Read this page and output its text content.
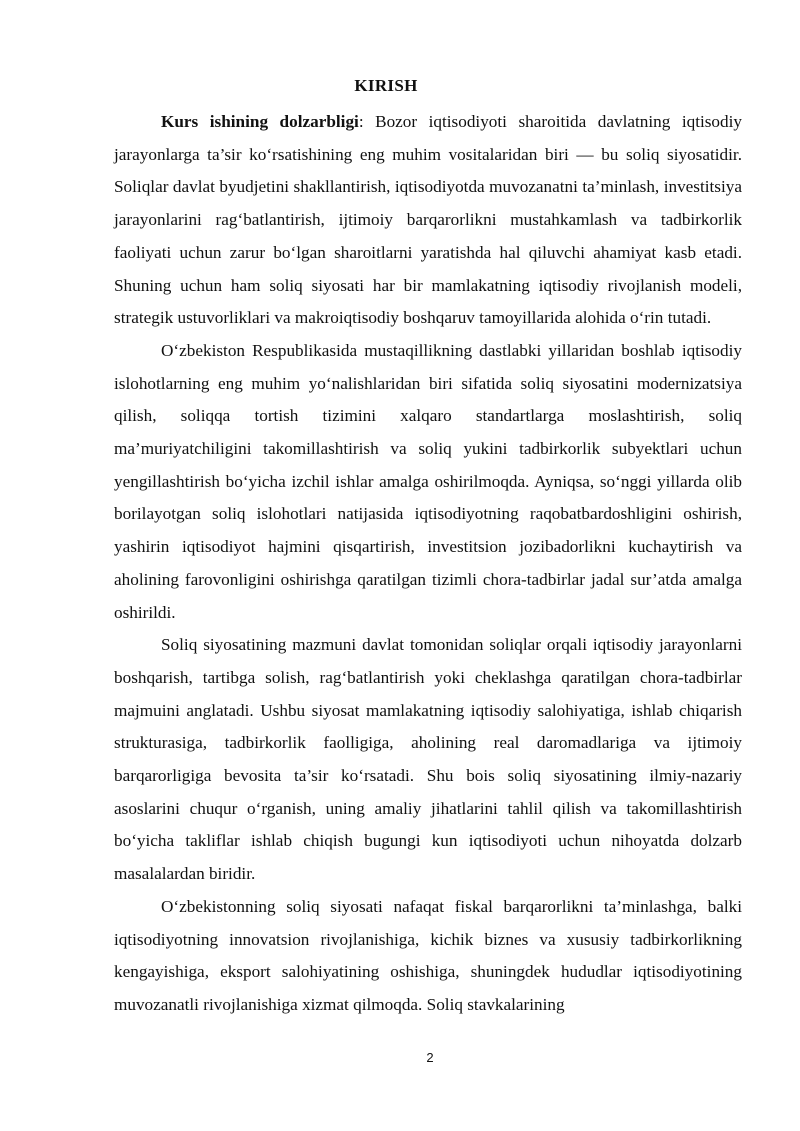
KIRISH

Kurs ishining dolzarbligi: Bozor iqtisodiyoti sharoitida davlatning iqtisodiy jarayonlarga ta’sir ko‘rsatishining eng muhim vositalaridan biri — bu soliq siyosatidir. Soliqlar davlat byudjetini shakllantirish, iqtisodiyotda muvozanatni ta’minlash, investitsiya jarayonlarini rag‘batlantirish, ijtimoiy barqarorlikni mustahkamlash va tadbirkorlik faoliyati uchun zarur bo‘lgan sharoitlarni yaratishda hal qiluvchi ahamiyat kasb etadi. Shuning uchun ham soliq siyosati har bir mamlakatning iqtisodiy rivojlanish modeli, strategik ustuvorliklari va makroiqtisodiy boshqaruv tamoyillarida alohida o‘rin tutadi.

O‘zbekiston Respublikasida mustaqillikning dastlabki yillaridan boshlab iqtisodiy islohotlarning eng muhim yo‘nalishlaridan biri sifatida soliq siyosatini modernizatsiya qilish, soliqqa tortish tizimini xalqaro standartlarga moslashtirish, soliq ma’muriyatchiligini takomillashtirish va soliq yukini tadbirkorlik subyektlari uchun yengillashtirish bo‘yicha izchil ishlar amalga oshirilmoqda. Ayniqsa, so‘nggi yillarda olib borilayotgan soliq islohotlari natijasida iqtisodiyotning raqobatbardoshligini oshirish, yashirin iqtisodiyot hajmini qisqartirish, investitsion jozibadorlikni kuchaytirish va aholining farovonligini oshirishga qaratilgan tizimli chora-tadbirlar jadal sur’atda amalga oshirildi.

Soliq siyosatining mazmuni davlat tomonidan soliqlar orqali iqtisodiy jarayonlarni boshqarish, tartibga solish, rag‘batlantirish yoki cheklashga qaratilgan chora-tadbirlar majmuini anglatadi. Ushbu siyosat mamlakatning iqtisodiy salohiyatiga, ishlab chiqarish strukturasiga, tadbirkorlik faolligiga, aholining real daromadlariga va ijtimoiy barqarorligiga bevosita ta’sir ko‘rsatadi. Shu bois soliq siyosatining ilmiy-nazariy asoslarini chuqur o‘rganish, uning amaliy jihatlarini tahlil qilish va takomillashtirish bo‘yicha takliflar ishlab chiqish bugungi kun iqtisodiyoti uchun nihoyatda dolzarb masalalardan biridir.

O‘zbekistonning soliq siyosati nafaqat fiskal barqarorlikni ta’minlashga, balki iqtisodiyotning innovatsion rivojlanishiga, kichik biznes va xususiy tadbirkorlikning kengayishiga, eksport salohiyatining oshishiga, shuningdek hududlar iqtisodiyotining muvozanatli rivojlanishiga xizmat qilmoqda. Soliq stavkalarining

2
